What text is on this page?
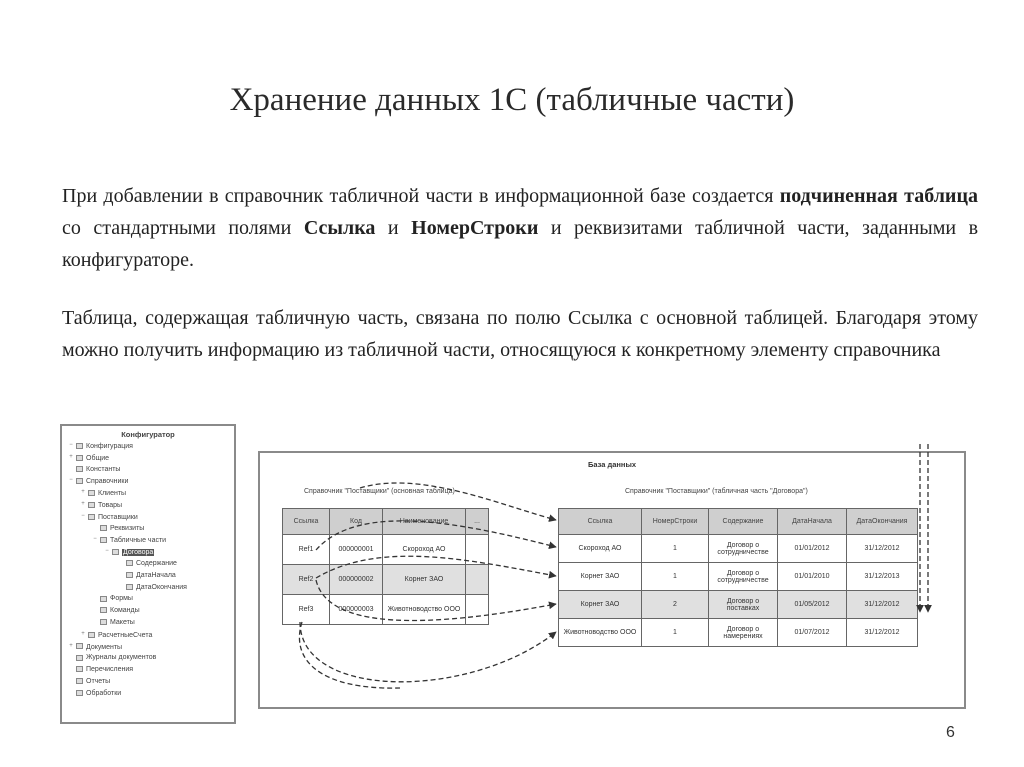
Хранение данных 1С (табличные части)

При добавлении в справочник табличной части в информационной базе создается подчиненная таблица со стандартными полями Ссылка и НомерСтроки и реквизитами табличной части, заданными в конфигураторе.

Таблица, содержащая табличную часть, связана по полю Ссылка с основной таблицей. Благодаря этому можно получить информацию из табличной части, относящуюся к конкретному элементу справочника

Конфигуратор
− Конфигурация
+ Общие
Константы
− Справочники
+ Клиенты
+ Товары
− Поставщики
Реквизиты
− Табличные части
− Договора
Содержание
ДатаНачала
ДатаОкончания
Формы
Команды
Макеты
+ РасчетныеСчета
+ Документы
Журналы документов
Перечисления
Отчеты
Обработки
База данных
Справочник "Поставщики" (основная таблица)	Справочник "Поставщики" (табличная часть "Договора")
Ссылка	Код	Наименование	...
Ref1	000000001	Скороход АО	
Ref2	000000002	Корнет ЗАО	
Ref3	000000003	Животноводство ООО	
Ссылка	НомерСтроки	Содержание	ДатаНачала	ДатаОкончания
Скороход АО	1	Договор о сотрудничестве	01/01/2012	31/12/2012
Корнет ЗАО	1	Договор о сотрудничестве	01/01/2010	31/12/2013
Корнет ЗАО	2	Договор о поставках	01/05/2012	31/12/2012
Животноводство ООО	1	Договор о намерениях	01/07/2012	31/12/2012
6
